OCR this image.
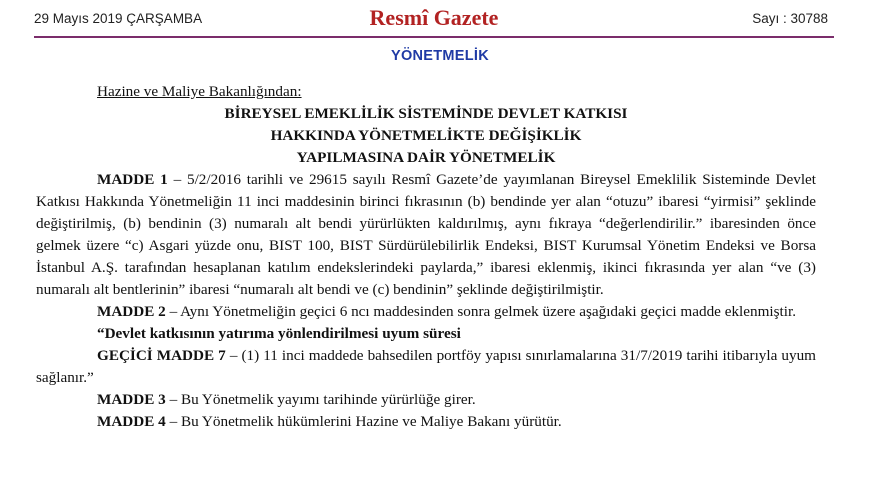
29 Mayıs 2019 ÇARŞAMBA	Resmî Gazete	Sayı : 30788
YÖNETMELİK

Hazine ve Maliye Bakanlığından:

BİREYSEL EMEKLİLİK SİSTEMİNDE DEVLET KATKISI

HAKKINDA YÖNETMELİKTE DEĞİŞİKLİK

YAPILMASINA DAİR YÖNETMELİK

MADDE 1 – 5/2/2016 tarihli ve 29615 sayılı Resmî Gazete’de yayımlanan Bireysel Emeklilik Sisteminde Devlet Katkısı Hakkında Yönetmeliğin 11 inci maddesinin birinci fıkrasının (b) bendinde yer alan “otuzu” ibaresi “yirmisi” şeklinde değiştirilmiş, (b) bendinin (3) numaralı alt bendi yürürlükten kaldırılmış, aynı fıkraya “değerlendirilir.” ibaresinden önce gelmek üzere “c) Asgari yüzde onu, BIST 100, BIST Sürdürülebilirlik Endeksi, BIST Kurumsal Yönetim Endeksi ve Borsa İstanbul A.Ş. tarafından hesaplanan katılım endekslerindeki paylarda,” ibaresi eklenmiş, ikinci fıkrasında yer alan “ve (3) numaralı alt bentlerinin” ibaresi “numaralı alt bendi ve (c) bendinin” şeklinde değiştirilmiştir.

MADDE 2 – Aynı Yönetmeliğin geçici 6 ncı maddesinden sonra gelmek üzere aşağıdaki geçici madde eklenmiştir.

“Devlet katkısının yatırıma yönlendirilmesi uyum süresi

GEÇİCİ MADDE 7 – (1) 11 inci maddede bahsedilen portföy yapısı sınırlamalarına 31/7/2019 tarihi itibarıyla uyum sağlanır.”

MADDE 3 – Bu Yönetmelik yayımı tarihinde yürürlüğe girer.

MADDE 4 – Bu Yönetmelik hükümlerini Hazine ve Maliye Bakanı yürütür.
